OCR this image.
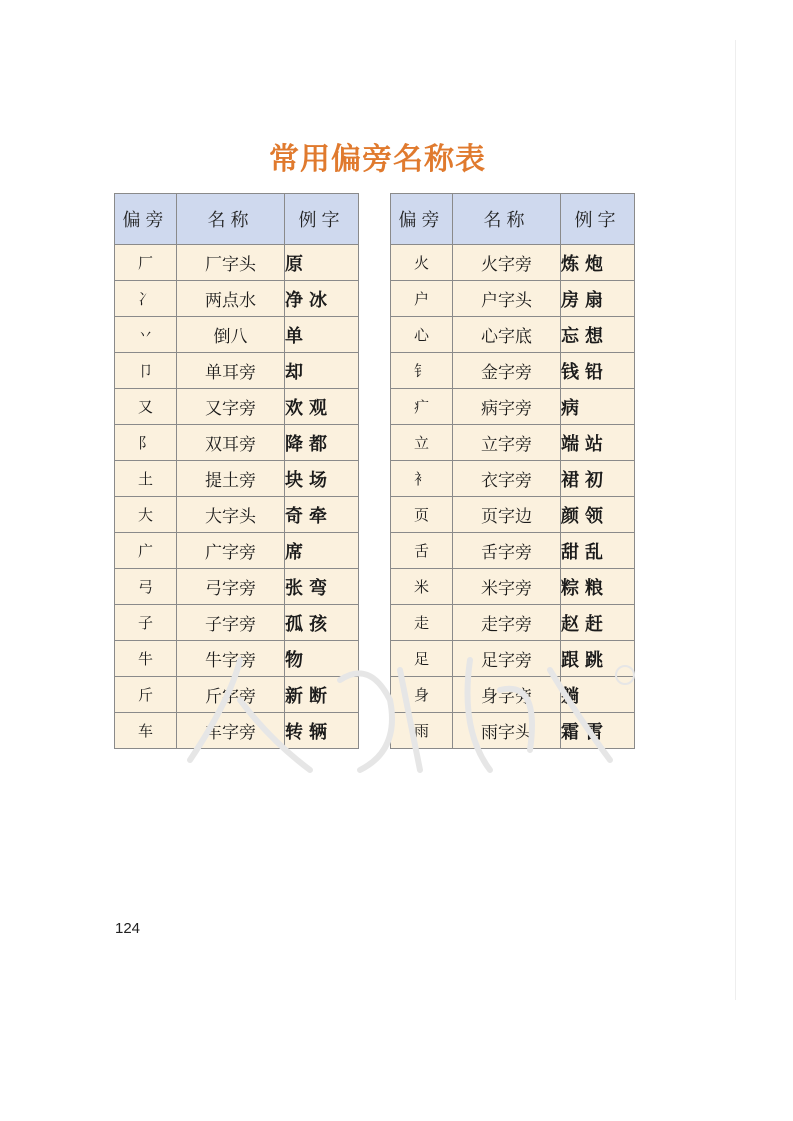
常用偏旁名称表
偏旁	名称	例字
厂	厂字头	原
冫	两点水	净冰
丷	倒八	单
卩	单耳旁	却
又	又字旁	欢观
阝	双耳旁	降都
土	提土旁	块场
大	大字头	奇牵
广	广字旁	席
弓	弓字旁	张弯
子	子字旁	孤孩
牛	牛字旁	物
斤	斤字旁	新断
车	车字旁	转辆
偏旁	名称	例字
火	火字旁	炼炮
户	户字头	房扇
心	心字底	忘想
钅	金字旁	钱铅
疒	病字旁	病
立	立字旁	端站
衤	衣字旁	裙初
页	页字边	颜领
舌	舌字旁	甜乱
米	米字旁	粽粮
走	走字旁	赵赶
足	足字旁	跟跳
身	身字旁	躺
雨	雨字头	霜雷
124
